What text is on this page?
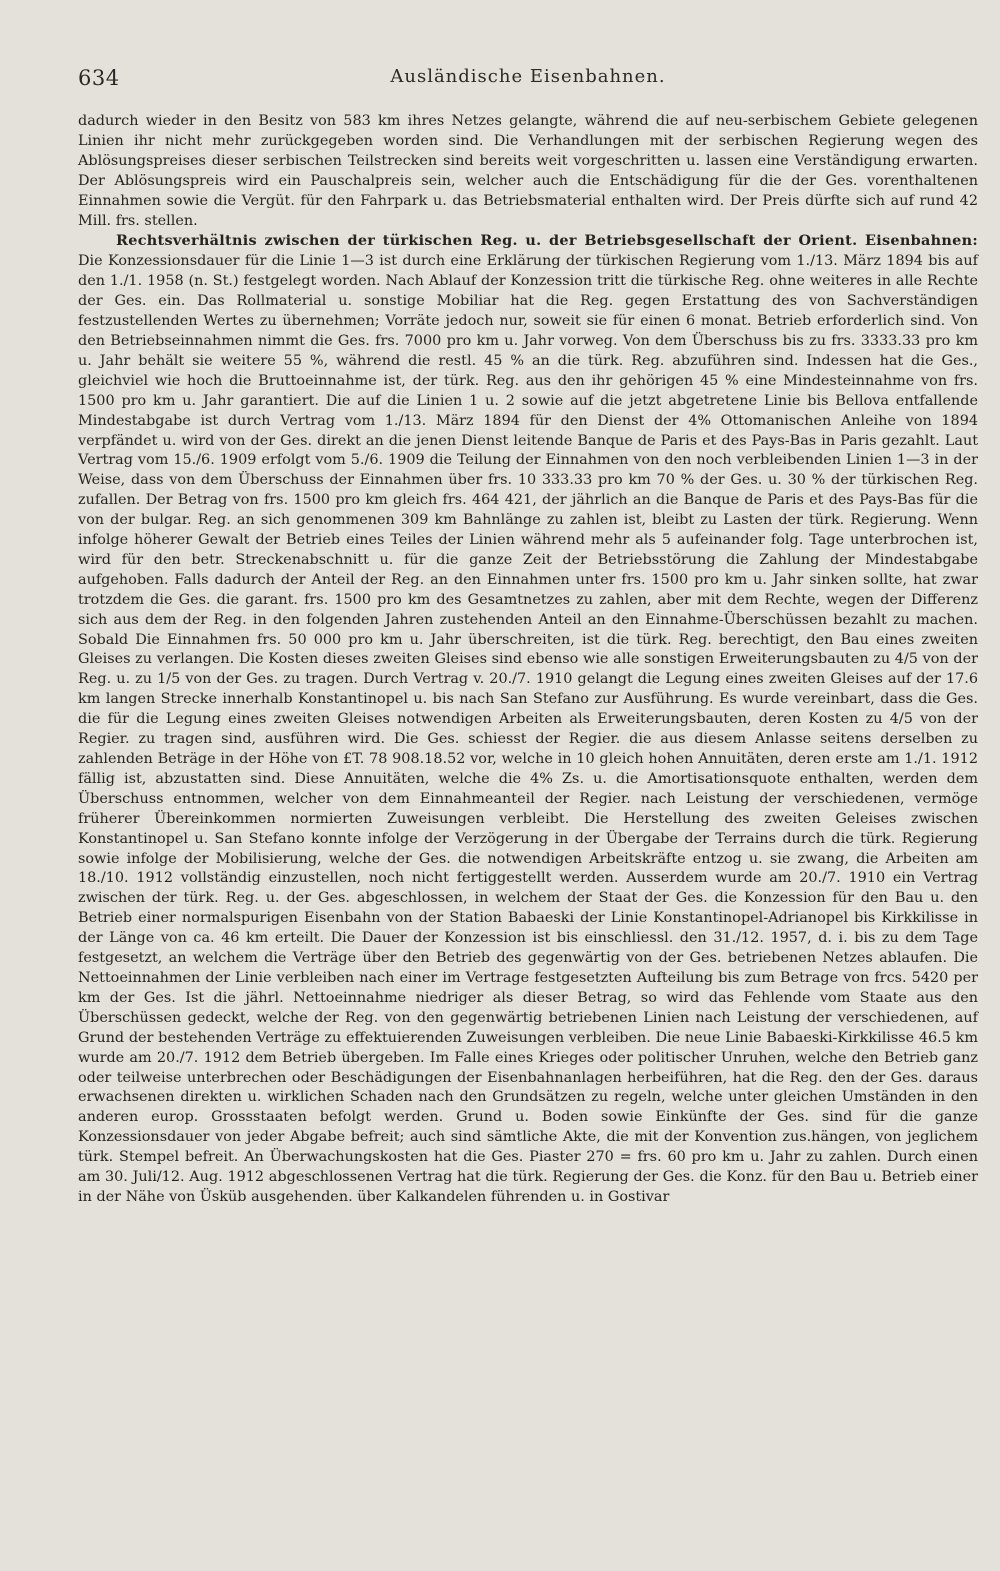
634	Ausländische Eisenbahnen.

dadurch wieder in den Besitz von 583 km ihres Netzes gelangte, während die auf neu-serbischem Gebiete gelegenen Linien ihr nicht mehr zurückgegeben worden sind. Die Verhandlungen mit der serbischen Regierung wegen des Ablösungspreises dieser serbischen Teilstrecken sind bereits weit vorgeschritten u. lassen eine Verständigung erwarten. Der Ablösungspreis wird ein Pauschalpreis sein, welcher auch die Entschädigung für die der Ges. vorenthaltenen Einnahmen sowie die Vergüt. für den Fahrpark u. das Betriebsmaterial enthalten wird. Der Preis dürfte sich auf rund 42 Mill. frs. stellen.

Rechtsverhältnis zwischen der türkischen Reg. u. der Betriebsgesellschaft der Orient. Eisenbahnen: Die Konzessionsdauer für die Linie 1—3 ist durch eine Erklärung der türkischen Regierung vom 1./13. März 1894 bis auf den 1./1. 1958 (n. St.) festgelegt worden. Nach Ablauf der Konzession tritt die türkische Reg. ohne weiteres in alle Rechte der Ges. ein. Das Rollmaterial u. sonstige Mobiliar hat die Reg. gegen Erstattung des von Sachverständigen festzustellenden Wertes zu übernehmen; Vorräte jedoch nur, soweit sie für einen 6 monat. Betrieb erforderlich sind. Von den Betriebseinnahmen nimmt die Ges. frs. 7000 pro km u. Jahr vorweg. Von dem Überschuss bis zu frs. 3333.33 pro km u. Jahr behält sie weitere 55 %, während die restl. 45 % an die türk. Reg. abzuführen sind. Indessen hat die Ges., gleichviel wie hoch die Bruttoeinnahme ist, der türk. Reg. aus den ihr gehörigen 45 % eine Mindesteinnahme von frs. 1500 pro km u. Jahr garantiert. Die auf die Linien 1 u. 2 sowie auf die jetzt abgetretene Linie bis Bellova entfallende Mindestabgabe ist durch Vertrag vom 1./13. März 1894 für den Dienst der 4% Ottomanischen Anleihe von 1894 verpfändet u. wird von der Ges. direkt an die jenen Dienst leitende Banque de Paris et des Pays-Bas in Paris gezahlt. Laut Vertrag vom 15./6. 1909 erfolgt vom 5./6. 1909 die Teilung der Einnahmen von den noch verbleibenden Linien 1—3 in der Weise, dass von dem Überschuss der Einnahmen über frs. 10 333.33 pro km 70 % der Ges. u. 30 % der türkischen Reg. zufallen. Der Betrag von frs. 1500 pro km gleich frs. 464 421, der jährlich an die Banque de Paris et des Pays-Bas für die von der bulgar. Reg. an sich genommenen 309 km Bahnlänge zu zahlen ist, bleibt zu Lasten der türk. Regierung. Wenn infolge höherer Gewalt der Betrieb eines Teiles der Linien während mehr als 5 aufeinander folg. Tage unterbrochen ist, wird für den betr. Streckenabschnitt u. für die ganze Zeit der Betriebsstörung die Zahlung der Mindestabgabe aufgehoben. Falls dadurch der Anteil der Reg. an den Einnahmen unter frs. 1500 pro km u. Jahr sinken sollte, hat zwar trotzdem die Ges. die garant. frs. 1500 pro km des Gesamtnetzes zu zahlen, aber mit dem Rechte, wegen der Differenz sich aus dem der Reg. in den folgenden Jahren zustehenden Anteil an den Einnahme-Überschüssen bezahlt zu machen. Sobald Die Einnahmen frs. 50 000 pro km u. Jahr überschreiten, ist die türk. Reg. berechtigt, den Bau eines zweiten Gleises zu verlangen. Die Kosten dieses zweiten Gleises sind ebenso wie alle sonstigen Erweiterungsbauten zu 4/5 von der Reg. u. zu 1/5 von der Ges. zu tragen. Durch Vertrag v. 20./7. 1910 gelangt die Legung eines zweiten Gleises auf der 17.6 km langen Strecke innerhalb Konstantinopel u. bis nach San Stefano zur Ausführung. Es wurde vereinbart, dass die Ges. die für die Legung eines zweiten Gleises notwendigen Arbeiten als Erweiterungsbauten, deren Kosten zu 4/5 von der Regier. zu tragen sind, ausführen wird. Die Ges. schiesst der Regier. die aus diesem Anlasse seitens derselben zu zahlenden Beträge in der Höhe von £T. 78 908.18.52 vor, welche in 10 gleich hohen Annuitäten, deren erste am 1./1. 1912 fällig ist, abzustatten sind. Diese Annuitäten, welche die 4% Zs. u. die Amortisationsquote enthalten, werden dem Überschuss entnommen, welcher von dem Einnahmeanteil der Regier. nach Leistung der verschiedenen, vermöge früherer Übereinkommen normierten Zuweisungen verbleibt. Die Herstellung des zweiten Geleises zwischen Konstantinopel u. San Stefano konnte infolge der Verzögerung in der Übergabe der Terrains durch die türk. Regierung sowie infolge der Mobilisierung, welche der Ges. die notwendigen Arbeitskräfte entzog u. sie zwang, die Arbeiten am 18./10. 1912 vollständig einzustellen, noch nicht fertiggestellt werden. Ausserdem wurde am 20./7. 1910 ein Vertrag zwischen der türk. Reg. u. der Ges. abgeschlossen, in welchem der Staat der Ges. die Konzession für den Bau u. den Betrieb einer normalspurigen Eisenbahn von der Station Babaeski der Linie Konstantinopel-Adrianopel bis Kirkkilisse in der Länge von ca. 46 km erteilt. Die Dauer der Konzession ist bis einschliessl. den 31./12. 1957, d. i. bis zu dem Tage festgesetzt, an welchem die Verträge über den Betrieb des gegenwärtig von der Ges. betriebenen Netzes ablaufen. Die Nettoeinnahmen der Linie verbleiben nach einer im Vertrage festgesetzten Aufteilung bis zum Betrage von frcs. 5420 per km der Ges. Ist die jährl. Nettoeinnahme niedriger als dieser Betrag, so wird das Fehlende vom Staate aus den Überschüssen gedeckt, welche der Reg. von den gegenwärtig betriebenen Linien nach Leistung der verschiedenen, auf Grund der bestehenden Verträge zu effektuierenden Zuweisungen verbleiben. Die neue Linie Babaeski-Kirkkilisse 46.5 km wurde am 20./7. 1912 dem Betrieb übergeben. Im Falle eines Krieges oder politischer Unruhen, welche den Betrieb ganz oder teilweise unterbrechen oder Beschädigungen der Eisenbahnanlagen herbeiführen, hat die Reg. den der Ges. daraus erwachsenen direkten u. wirklichen Schaden nach den Grundsätzen zu regeln, welche unter gleichen Umständen in den anderen europ. Grossstaaten befolgt werden. Grund u. Boden sowie Einkünfte der Ges. sind für die ganze Konzessionsdauer von jeder Abgabe befreit; auch sind sämtliche Akte, die mit der Konvention zus.hängen, von jeglichem türk. Stempel befreit. An Überwachungskosten hat die Ges. Piaster 270 = frs. 60 pro km u. Jahr zu zahlen. Durch einen am 30. Juli/12. Aug. 1912 abgeschlossenen Vertrag hat die türk. Regierung der Ges. die Konz. für den Bau u. Betrieb einer in der Nähe von Üsküb ausgehenden. über Kalkandelen führenden u. in Gostivar
